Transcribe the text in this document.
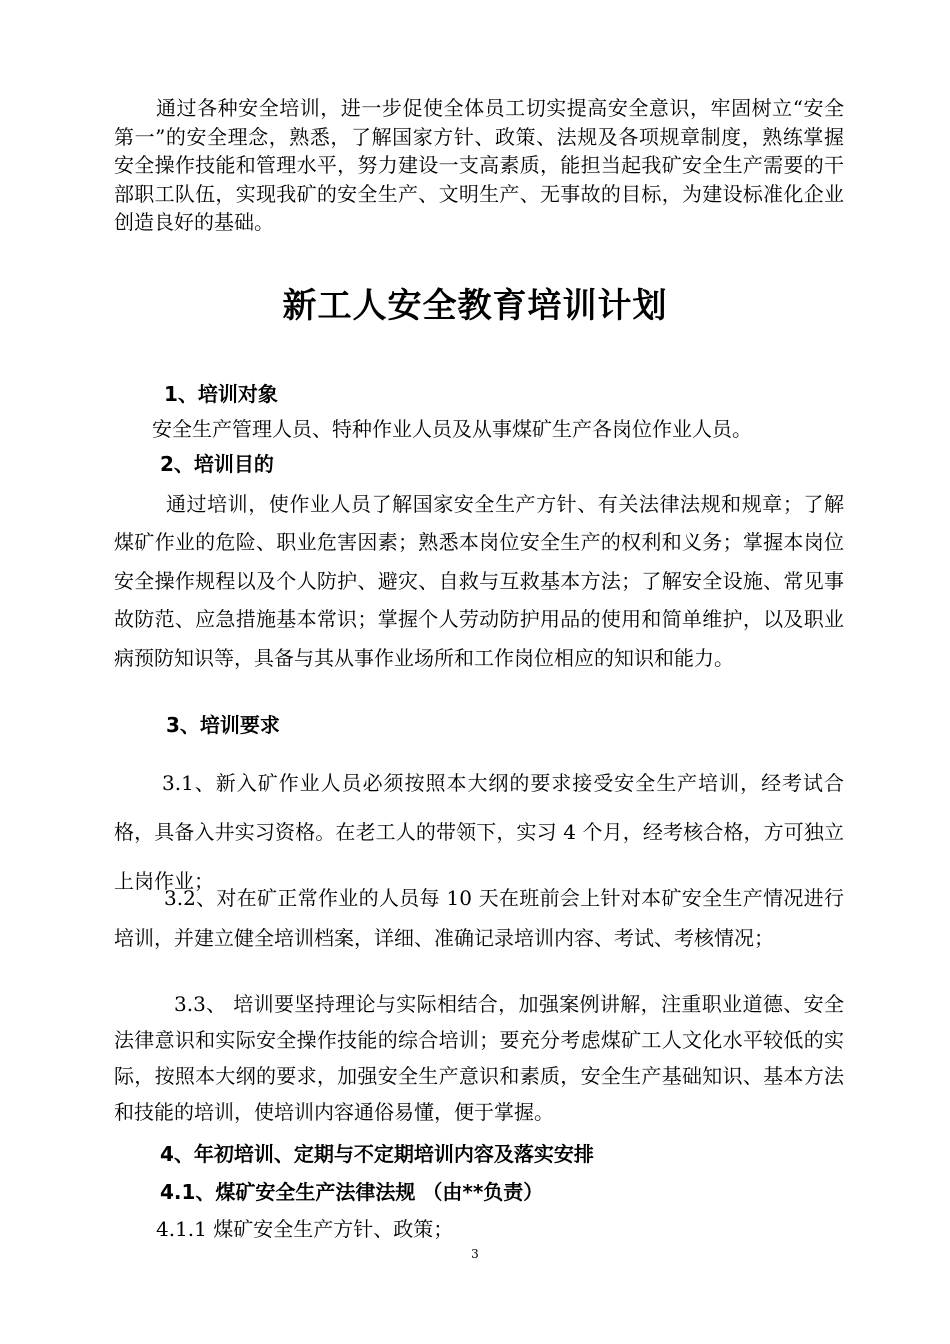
通过各种安全培训，进一步促使全体员工切实提高安全意识，牢固树立“安全第一”的安全理念，熟悉，了解国家方针、政策、法规及各项规章制度，熟练掌握安全操作技能和管理水平，努力建设一支高素质，能担当起我矿安全生产需要的干部职工队伍，实现我矿的安全生产、文明生产、无事故的目标，为建设标准化企业创造良好的基础。

新工人安全教育培训计划

1、培训对象

安全生产管理人员、特种作业人员及从事煤矿生产各岗位作业人员。

2、培训目的

通过培训，使作业人员了解国家安全生产方针、有关法律法规和规章；了解煤矿作业的危险、职业危害因素；熟悉本岗位安全生产的权利和义务；掌握本岗位安全操作规程以及个人防护、避灾、自救与互救基本方法；了解安全设施、常见事故防范、应急措施基本常识；掌握个人劳动防护用品的使用和简单维护，以及职业病预防知识等，具备与其从事作业场所和工作岗位相应的知识和能力。

3、培训要求

3.1、新入矿作业人员必须按照本大纲的要求接受安全生产培训，经考试合格，具备入井实习资格。在老工人的带领下，实习 4 个月，经考核合格，方可独立上岗作业；

3.2、对在矿正常作业的人员每 10 天在班前会上针对本矿安全生产情况进行培训，并建立健全培训档案，详细、准确记录培训内容、考试、考核情况；

3.3、 培训要坚持理论与实际相结合，加强案例讲解，注重职业道德、安全法律意识和实际安全操作技能的综合培训；要充分考虑煤矿工人文化水平较低的实际，按照本大纲的要求，加强安全生产意识和素质，安全生产基础知识、基本方法和技能的培训，使培训内容通俗易懂，便于掌握。

4、年初培训、定期与不定期培训内容及落实安排

4.1、煤矿安全生产法律法规 （由**负责）

4.1.1 煤矿安全生产方针、政策；

3
